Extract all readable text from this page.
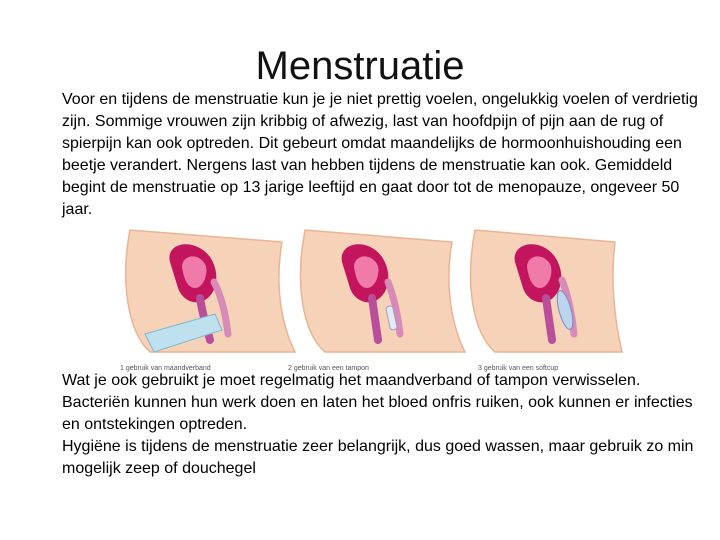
Menstruatie

Voor en tijdens de menstruatie kun je je niet prettig voelen, ongelukkig voelen of verdrietig zijn. Sommige vrouwen zijn kribbig of afwezig, last van hoofdpijn of pijn aan de rug of spierpijn kan ook optreden. Dit gebeurt omdat maandelijks de hormoonhuishouding een beetje verandert. Nergens last van hebben tijdens de menstruatie kan ook. Gemiddeld begint de menstruatie op 13 jarige leeftijd en gaat door tot de menopauze, ongeveer 50 jaar.

1 gebruik van maandverband	2 gebruik van een tampon	3 gebruik van een softcup
Wat je ook gebruikt je moet regelmatig het maandverband of tampon verwisselen. Bacteriën kunnen hun werk doen en laten het bloed onfris ruiken, ook kunnen er infecties en ontstekingen optreden.
Hygiëne is tijdens de menstruatie zeer belangrijk, dus goed wassen, maar gebruik zo min mogelijk zeep of douchegel
